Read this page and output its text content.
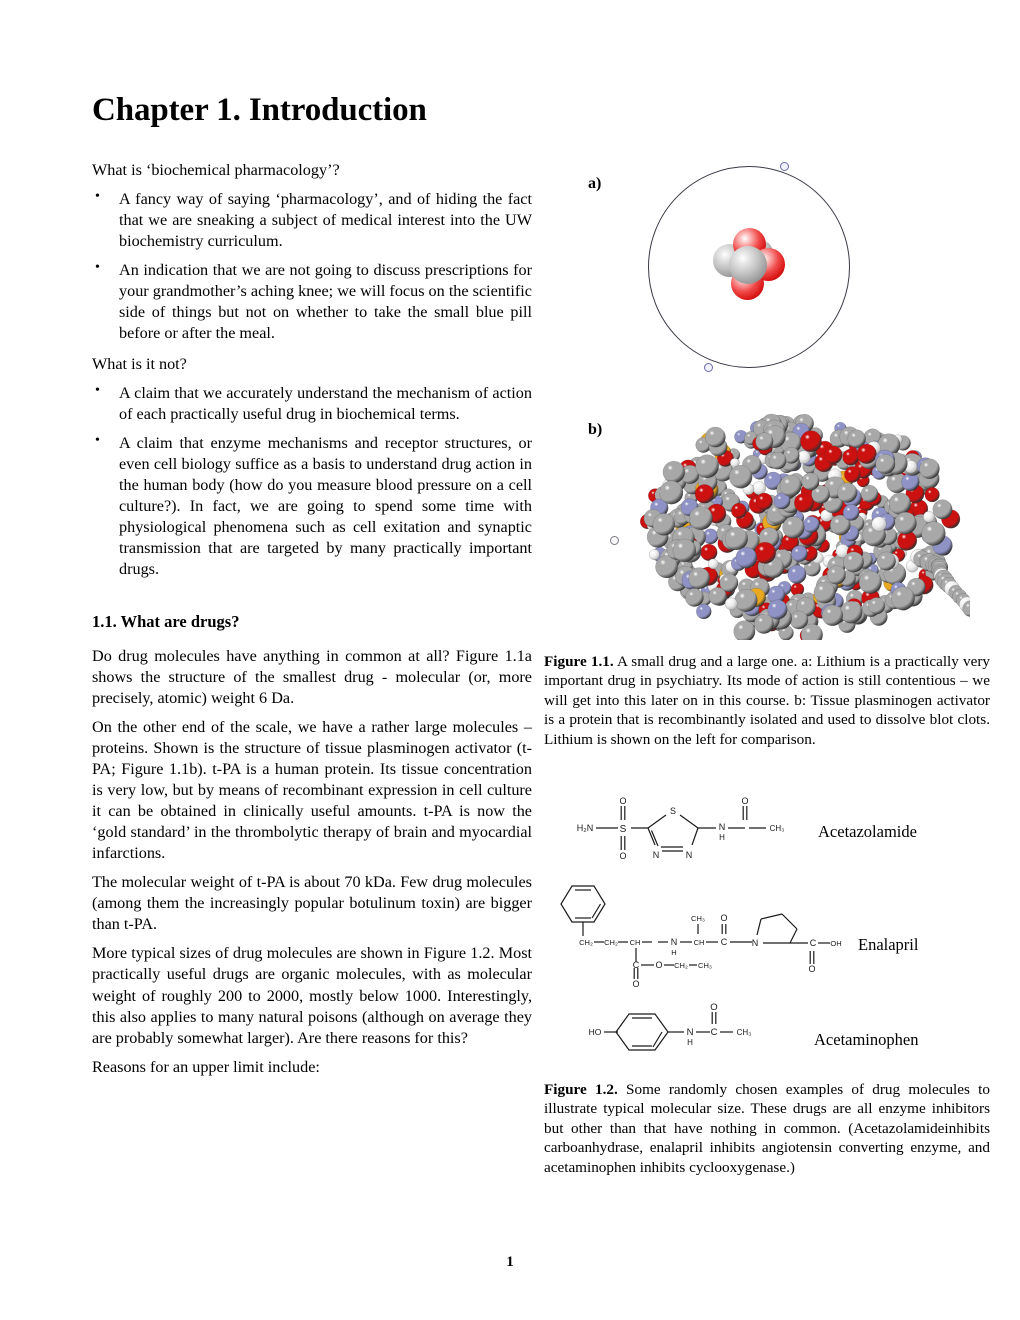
Chapter 1. Introduction

What is ‘biochemical pharmacology’?

• A fancy way of saying ‘pharmacology’, and of hiding the fact that we are sneaking a subject of medical interest into the UW biochemistry curriculum.
• An indication that we are not going to discuss prescriptions for your grandmother’s aching knee; we will focus on the scientific side of things but not on whether to take the small blue pill before or after the meal.

What is it not?

• A claim that we accurately understand the mechanism of action of each practically useful drug in biochemical terms.
• A claim that enzyme mechanisms and receptor structures, or even cell biology suffice as a basis to understand drug action in the human body (how do you measure blood pressure on a cell culture?). In fact, we are going to spend some time with physiological phenomena such as cell exitation and synaptic transmission that are targeted by many practically important drugs.
1.1. What are drugs?

Do drug molecules have anything in common at all? Figure 1.1a shows the structure of the smallest drug - molecular (or, more precisely, atomic) weight 6 Da.

On the other end of the scale, we have a rather large molecules – proteins. Shown is the structure of tissue plasminogen activator (t-PA; Figure 1.1b). t-PA is a human protein. Its tissue concentration is very low, but by means of recombinant expression in cell culture it can be obtained in clinically useful amounts. t-PA is now the ‘gold standard’ in the thrombolytic therapy of brain and myocardial infarctions.

The molecular weight of t-PA is about 70 kDa. Few drug molecules (among them the increasingly popular botulinum toxin) are bigger than t-PA.

More typical sizes of drug molecules are shown in Figure 1.2. Most practically useful drugs are organic molecules, with as molecular weight of roughly 200 to 2000, mostly below 1000. Interestingly, this also applies to many natural poisons (although on average they are probably somewhat larger). Are there reasons for this?

Reasons for an upper limit include:

a)
b)

Figure 1.1. A small drug and a large one. a: Lithium is a practically very important drug in psychiatry. Its mode of action is still contentious – we will get into this later on in this course. b: Tissue plasminogen activator is a protein that is recombinantly isolated and used to dissolve blot clots. Lithium is shown on the left for comparison.

H₂N	S
O
O
S
N
N
N
H
O
CH₃ Acetazolamide
CH₂ CH₂ CH	N
H
CH₃
CH C
O
N	C OH
O
C
O
O CH₂ CH₃
Enalapril
HO	N
H
C
O
CH₃	Acetaminophen

Figure 1.2. Some randomly chosen examples of drug molecules to illustrate typical molecular size. These drugs are all enzyme inhibitors but other than that have nothing in common. (Acetazolamideinhibits carboanhydrase, enalapril inhibits angiotensin converting enzyme, and acetaminophen inhibits cyclooxygenase.)

1
